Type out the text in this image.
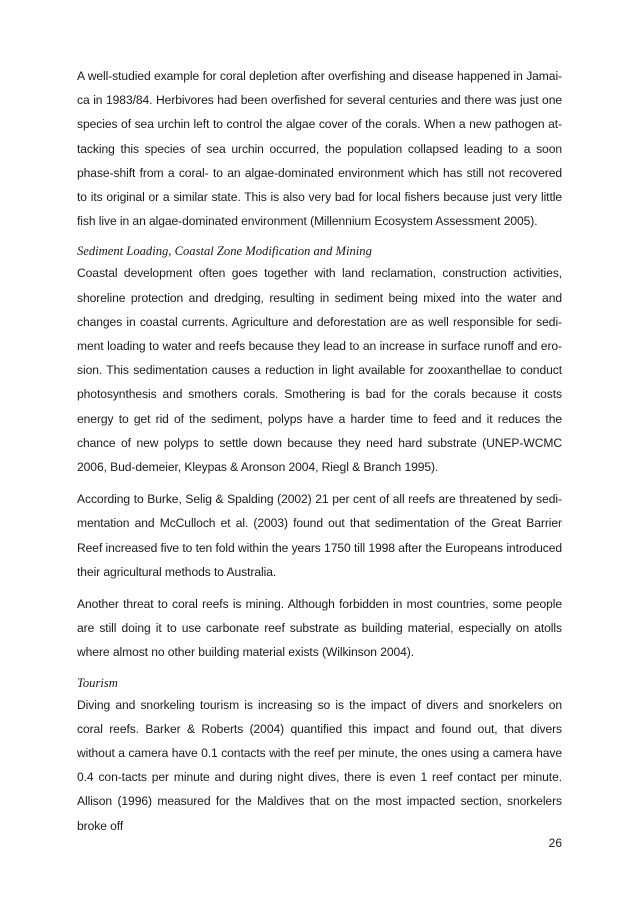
A well-studied example for coral depletion after overfishing and disease happened in Jamai-ca in 1983/84. Herbivores had been overfished for several centuries and there was just one species of sea urchin left to control the algae cover of the corals. When a new pathogen at-tacking this species of sea urchin occurred, the population collapsed leading to a soon phase-shift from a coral- to an algae-dominated environment which has still not recovered to its original or a similar state. This is also very bad for local fishers because just very little fish live in an algae-dominated environment (Millennium Ecosystem Assessment 2005).

Sediment Loading, Coastal Zone Modification and Mining

Coastal development often goes together with land reclamation, construction activities, shoreline protection and dredging, resulting in sediment being mixed into the water and changes in coastal currents. Agriculture and deforestation are as well responsible for sedi-ment loading to water and reefs because they lead to an increase in surface runoff and ero-sion. This sedimentation causes a reduction in light available for zooxanthellae to conduct photosynthesis and smothers corals. Smothering is bad for the corals because it costs energy to get rid of the sediment, polyps have a harder time to feed and it reduces the chance of new polyps to settle down because they need hard substrate (UNEP-WCMC 2006, Bud-demeier, Kleypas & Aronson 2004, Riegl & Branch 1995).

According to Burke, Selig & Spalding (2002) 21 per cent of all reefs are threatened by sedi-mentation and McCulloch et al. (2003) found out that sedimentation of the Great Barrier Reef increased five to ten fold within the years 1750 till 1998 after the Europeans introduced their agricultural methods to Australia.

Another threat to coral reefs is mining. Although forbidden in most countries, some people are still doing it to use carbonate reef substrate as building material, especially on atolls where almost no other building material exists (Wilkinson 2004).

Tourism

Diving and snorkeling tourism is increasing so is the impact of divers and snorkelers on coral reefs. Barker & Roberts (2004) quantified this impact and found out, that divers without a camera have 0.1 contacts with the reef per minute, the ones using a camera have 0.4 con-tacts per minute and during night dives, there is even 1 reef contact per minute. Allison (1996) measured for the Maldives that on the most impacted section, snorkelers broke off

26
